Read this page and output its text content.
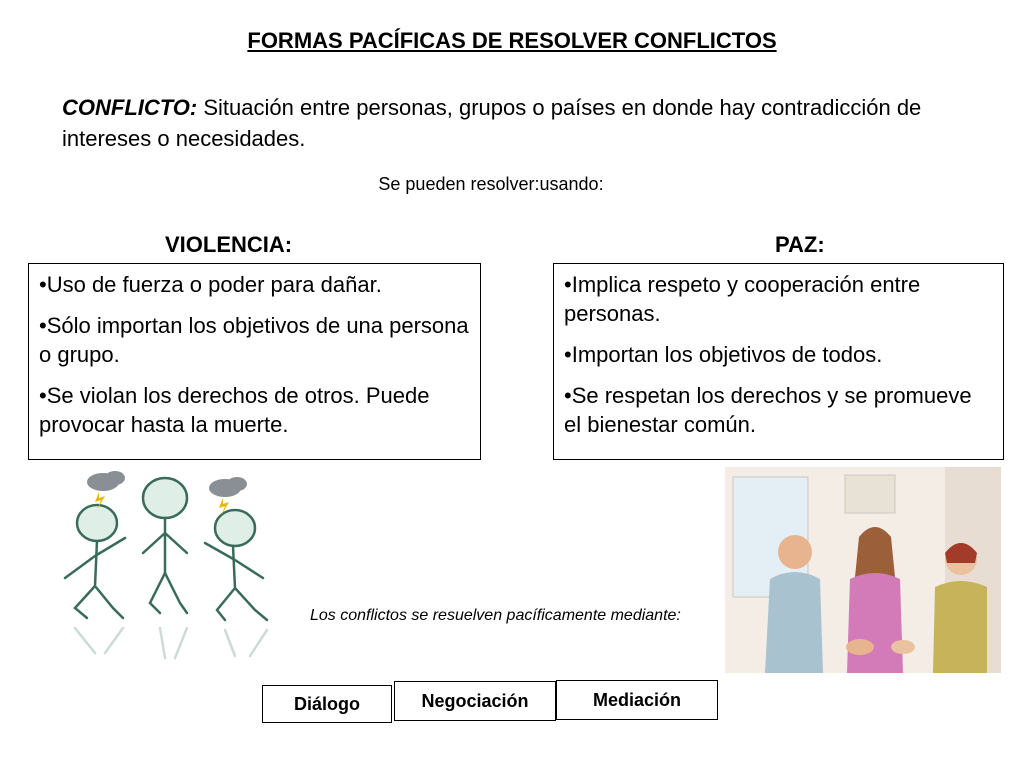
FORMAS PACÍFICAS DE RESOLVER CONFLICTOS
CONFLICTO: Situación entre personas, grupos o países en donde hay contradicción de intereses o necesidades.
Se pueden resolver:usando:
VIOLENCIA:	PAZ:

•Uso de fuerza o poder para dañar.

•Sólo importan los objetivos de una persona o grupo.

•Se violan los derechos de otros. Puede provocar hasta la muerte.

•Implica respeto y cooperación entre personas.

•Importan los objetivos de todos.

•Se respetan los derechos y se promueve el bienestar común.

Los conflictos se resuelven pacíficamente mediante:
Diálogo	Negociación	Mediación
